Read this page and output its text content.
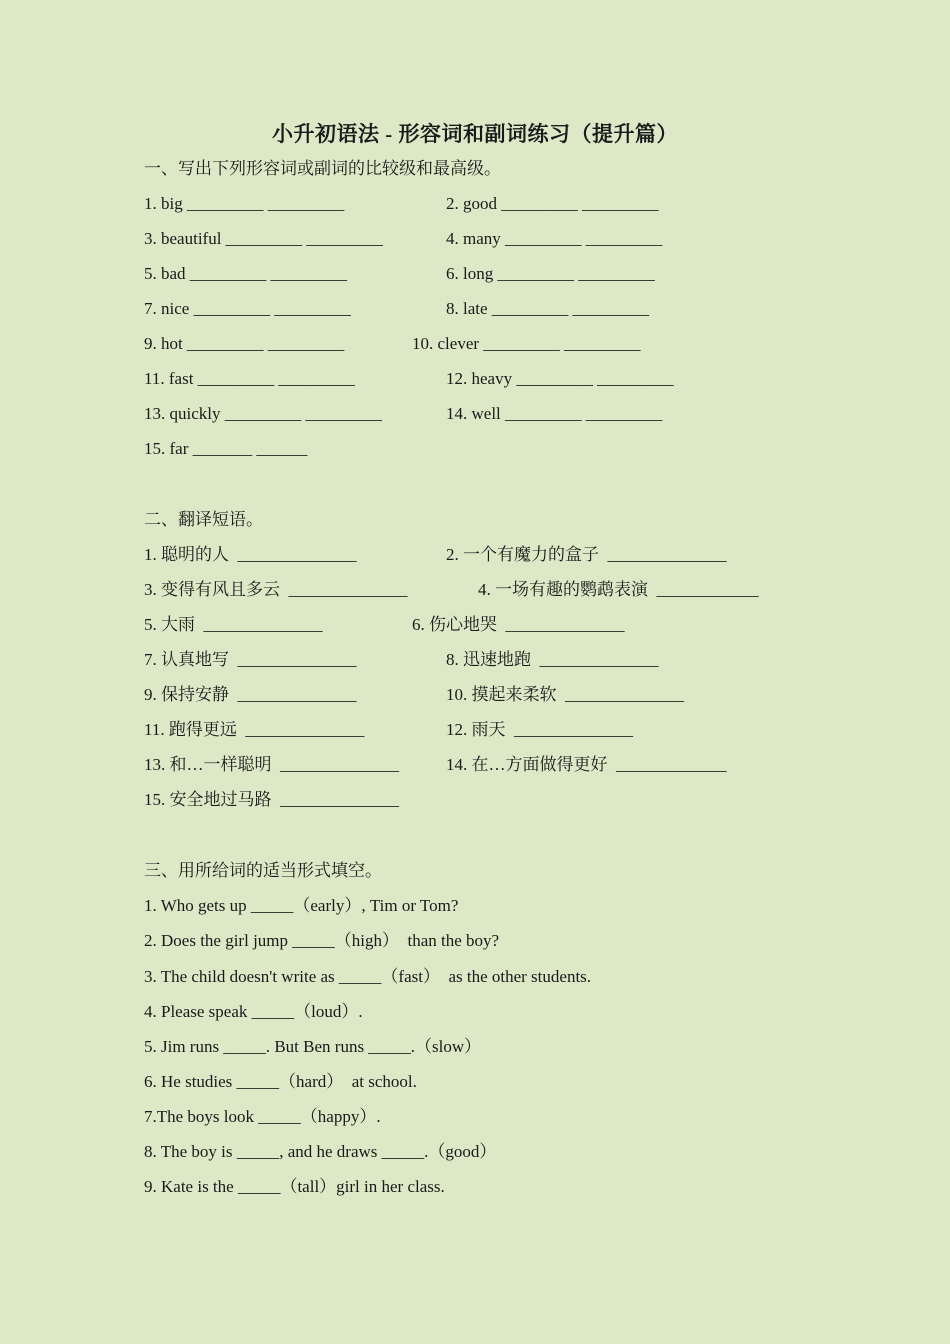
小升初语法 - 形容词和副词练习（提升篇）
一、写出下列形容词或副词的比较级和最高级。
1. big _________ _________	2. good _________ _________
3. beautiful _________ _________	4. many _________ _________
5. bad _________ _________	6. long _________ _________
7. nice _________ _________	8. late _________ _________
9. hot _________ _________	10. clever _________ _________
11. fast _________ _________	12. heavy _________ _________
13. quickly _________ _________	14. well _________ _________
15. far _______ ______
二、翻译短语。
1. 聪明的人  ______________	2. 一个有魔力的盒子  ______________
3. 变得有风且多云  ______________	4. 一场有趣的鹦鹉表演  ____________
5. 大雨  ______________	6. 伤心地哭  ______________
7. 认真地写  ______________	8. 迅速地跑  ______________
9. 保持安静  ______________	10. 摸起来柔软  ______________
11. 跑得更远  ______________	12. 雨天  ______________
13. 和…一样聪明  ______________	14. 在…方面做得更好  _____________
15. 安全地过马路  ______________
三、用所给词的适当形式填空。
1. Who gets up _____（early）, Tim or Tom?
2. Does the girl jump _____（high）  than the boy?
3. The child doesn't write as _____（fast）  as the other students.
4. Please speak _____（loud）.
5. Jim runs _____. But Ben runs _____.（slow）
6. He studies _____（hard）  at school.
7.The boys look _____（happy）.
8. The boy is _____, and he draws _____.（good）
9. Kate is the _____（tall）girl in her class.
